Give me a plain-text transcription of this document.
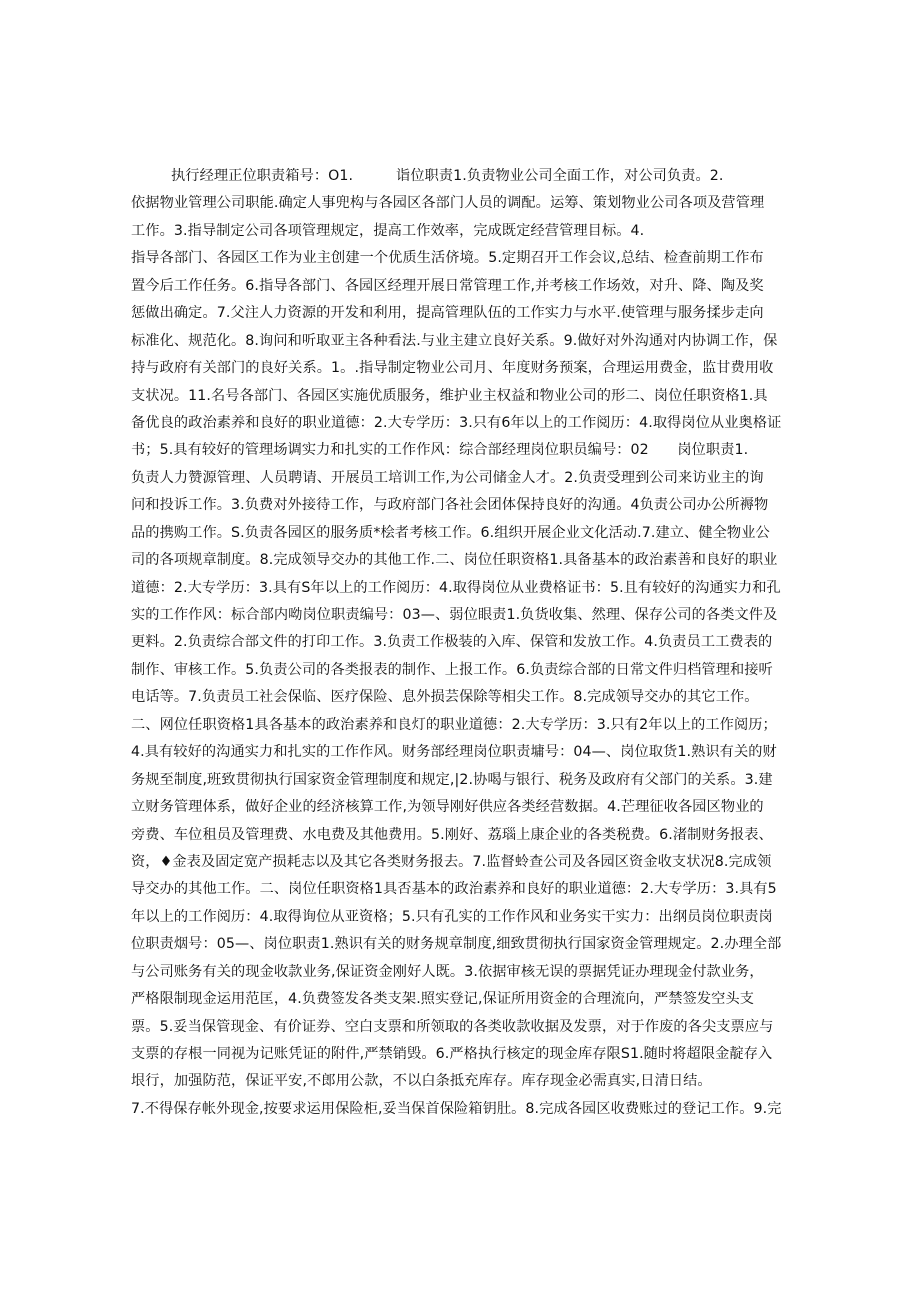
执行经理正位职责箱号：O1.　　　诣位职责1.负责物业公司全面工作，对公司负责。2.
依据物业管理公司职能.确定人事兜构与各园区各部门人员的调配。运筹、策划物业公司各项及营管理
工作。3.指导制定公司各项管理规定，提高工作效率，完成既定经营管理目标。4.
指导各部门、各园区工作为业主创建一个优质生活侪境。5.定期召开工作会议,总结、检查前期工作布
置今后工作任务。6.指导各部门、各园区经理开展日常管理工作,并考核工作场效，对升、降、陶及奖
惩做出确定。7.父注人力资源的开发和利用，提高管理队伍的工作实力与水平.使管理与服务揉步走向
标准化、规范化。8.询问和听取亚主各种看法.与业主建立良好关系。9.做好对外沟通对内协调工作，保
持与政府有关部门的良好关系。1。.指导制定物业公司月、年度财务预案，合理运用费金，监甘费用收
支状况。11.名号各部门、各园区实施优质服务，维护业主权益和物业公司的形二、岗位任职资格1.具
备优良的政治素养和良好的职业道德：2.大专学历：3.只有6年以上的工作阅历：4.取得岗位从业奥格证
书；5.具有较好的管理场调实力和扎实的工作作风：综合部经理岗位职员编号：02　　岗位职责1.
负责人力赞源管理、人员聘请、开展员工培训工作,为公司储金人才。2.负责受理到公司来访业主的询
问和投诉工作。3.负费对外接待工作，与政府部门各社会团体保持良好的沟通。4负责公司办公所褥物
品的携购工作。S.负责各园区的服务质*桧者考核工作。6.组织开展企业文化活动.7.建立、健全物业公
司的各项规章制度。8.完成领导交办的其他工作.二、岗位任职资格1.具备基本的政治素善和良好的职业
道德：2.大专学历：3.具有S年以上的工作阅历：4.取得岗位从业费格证书：5.且有较好的沟通实力和孔
实的工作作风：标合部内呦岗位职责编号：03—、弱位眼责1.负货收集、然理、保存公司的各类文件及
更料。2.负责综合部文件的打印工作。3.负责工作极装的入库、保管和发放工作。4.负责员工工费表的
制作、审核工作。5.负责公司的各类报表的制作、上报工作。6.负责综合部的日常文件归档管理和接听
电话等。7.负责员工社会保临、医疗保险、息外损芸保除等相尖工作。8.完成领导交办的其它工作。
二、网位任职资格1具各基本的政治素养和良灯的职业道德：2.大专学历：3.只有2年以上的工作阅历；
4.具有较好的沟通实力和扎实的工作作风。财务部经理岗位职责墉号：04—、岗位取货1.熟识有关的财
务规至制度,班致贯彻执行国家资金管理制度和规定,|2.协喝与银行、税务及政府有父部门的关系。3.建
立财务管理体系，做好企业的经济核算工作,为领导刚好供应各类经营数据。4.芒理征收各园区物业的
旁费、车位租员及管理费、水电费及其他费用。5.刚好、荔瑙上康企业的各类税费。6.渚制财务报表、
资，♦金表及固定宽产损耗志以及其它各类财务报去。7.监督蛉查公司及各园区资金收支状况8.完成领
导交办的其他工作。二、岗位任职资格1具否基本的政治素养和良好的职业道德：2.大专学历：3.具有5
年以上的工作阅历：4.取得询位从亚资格；5.只有孔实的工作作风和业务实干实力：出纲员岗位职责岗
位职责烟号：05—、岗位职责1.熟识有关的财务规章制度,细致贯彻执行国家资金管理规定。2.办理全部
与公司账务有关的现金收款业务,保证资金刚好人既。3.依据审核无误的票据凭证办理现金付款业务，
严格限制现金运用范匡，4.负费签发各类支架.照实登记,保证所用资金的合理流向，严禁签发空头支
票。5.妥当保管现金、有价证券、空白支票和所领取的各类收款收据及发票，对于作废的各尖支票应与
支票的存根一同视为记账凭证的附件,严禁销毁。6.严格执行核定的现金库存限S1.随时将超限金靛存入
垠行，加强防范，保证平安,不郎用公款，不以白条抵充库存。库存现金必需真实,日清日结。
7.不得保存帐外现金,按要求运用保险柜,妥当保首保险箱钥肚。8.完成各园区收费账过的登记工作。9.完
